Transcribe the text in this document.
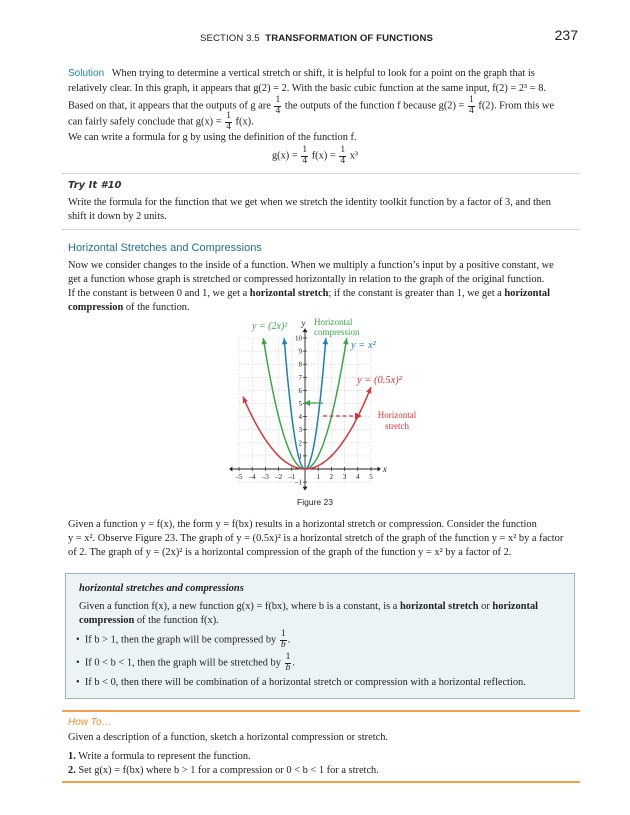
SECTION 3.5 TRANSFORMATION OF FUNCTIONS	237
Solution When trying to determine a vertical stretch or shift, it is helpful to look for a point on the graph that is
relatively clear. In this graph, it appears that g(2) = 2. With the basic cubic function at the same input, f(2) = 2³ = 8.
Based on that, it appears that the outputs of g are $\frac{1}{4}$ the outputs of the function f because $g(2) = \frac{1}{4} f(2)$. From this we
can fairly safely conclude that $g(x) = \frac{1}{4} f(x)$.
We can write a formula for g by using the definition of the function f.
$g(x) = \frac{1}{4} f(x) = \frac{1}{4} x^3$
Try It #10
Write the formula for the function that we get when we stretch the identity toolkit function by a factor of 3, and then
shift it down by 2 units.
Horizontal Stretches and Compressions
Now we consider changes to the inside of a function. When we multiply a function’s input by a positive constant, we
get a function whose graph is stretched or compressed horizontally in relation to the graph of the original function.
If the constant is between 0 and 1, we get a horizontal stretch; if the constant is greater than 1, we get a horizontal
compression of the function.
–5 –4 –3 –2 –1	1 2 3 4 5
–1
1
2
3
4
5
6
7
8
9
10
x
y
y = (2x)²	Horizontal
compression
y = x²
y = (0.5x)²
Horizontal
stretch
Figure 23
Given a function y = f(x), the form y = f(bx) results in a horizontal stretch or compression. Consider the function
y = x². Observe Figure 23. The graph of y = (0.5x)² is a horizontal stretch of the graph of the function y = x² by a factor
of 2. The graph of y = (2x)² is a horizontal compression of the graph of the function y = x² by a factor of 2.
horizontal stretches and compressions
Given a function f(x), a new function g(x) = f(bx), where b is a constant, is a horizontal stretch or horizontal
compression of the function f(x).
• If b > 1, then the graph will be compressed by $\frac{1}{b}$ .
• If 0 < b < 1, then the graph will be stretched by $\frac{1}{b}$ .
• If b < 0, then there will be combination of a horizontal stretch or compression with a horizontal reflection.
How To…
Given a description of a function, sketch a horizontal compression or stretch.
1. Write a formula to represent the function.
2. Set g(x) = f(bx) where b > 1 for a compression or 0 < b < 1 for a stretch.
